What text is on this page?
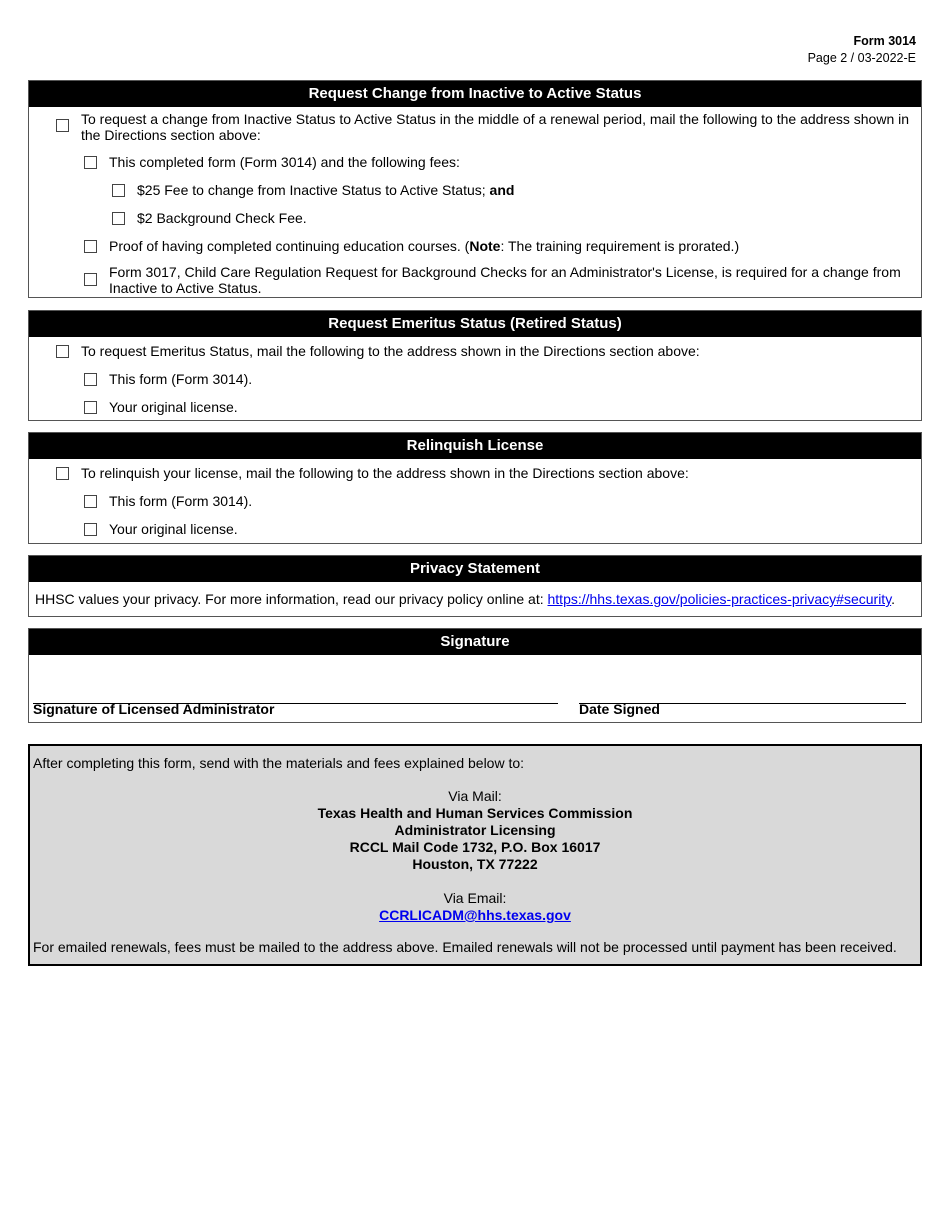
Form 3014
Page 2 / 03-2022-E
Request Change from Inactive to Active Status
To request a change from Inactive Status to Active Status in the middle of a renewal period, mail the following to the address shown in the Directions section above:
This completed form (Form 3014) and the following fees:
$25 Fee to change from Inactive Status to Active Status; and
$2 Background Check Fee.
Proof of having completed continuing education courses. (Note: The training requirement is prorated.)
Form 3017, Child Care Regulation Request for Background Checks for an Administrator's License, is required for a change from Inactive to Active Status.
Request Emeritus Status (Retired Status)
To request Emeritus Status, mail the following to the address shown in the Directions section above:
This form (Form 3014).
Your original license.
Relinquish License
To relinquish your license, mail the following to the address shown in the Directions section above:
This form (Form 3014).
Your original license.
Privacy Statement
HHSC values your privacy. For more information, read our privacy policy online at: https://hhs.texas.gov/policies-practices-privacy#security.
Signature
Signature of Licensed Administrator	Date Signed
After completing this form, send with the materials and fees explained below to:
Via Mail:
Texas Health and Human Services Commission
Administrator Licensing
RCCL Mail Code 1732, P.O. Box 16017
Houston, TX 77222
Via Email:
CCRLICADM@hhs.texas.gov
For emailed renewals, fees must be mailed to the address above. Emailed renewals will not be processed until payment has been received.
